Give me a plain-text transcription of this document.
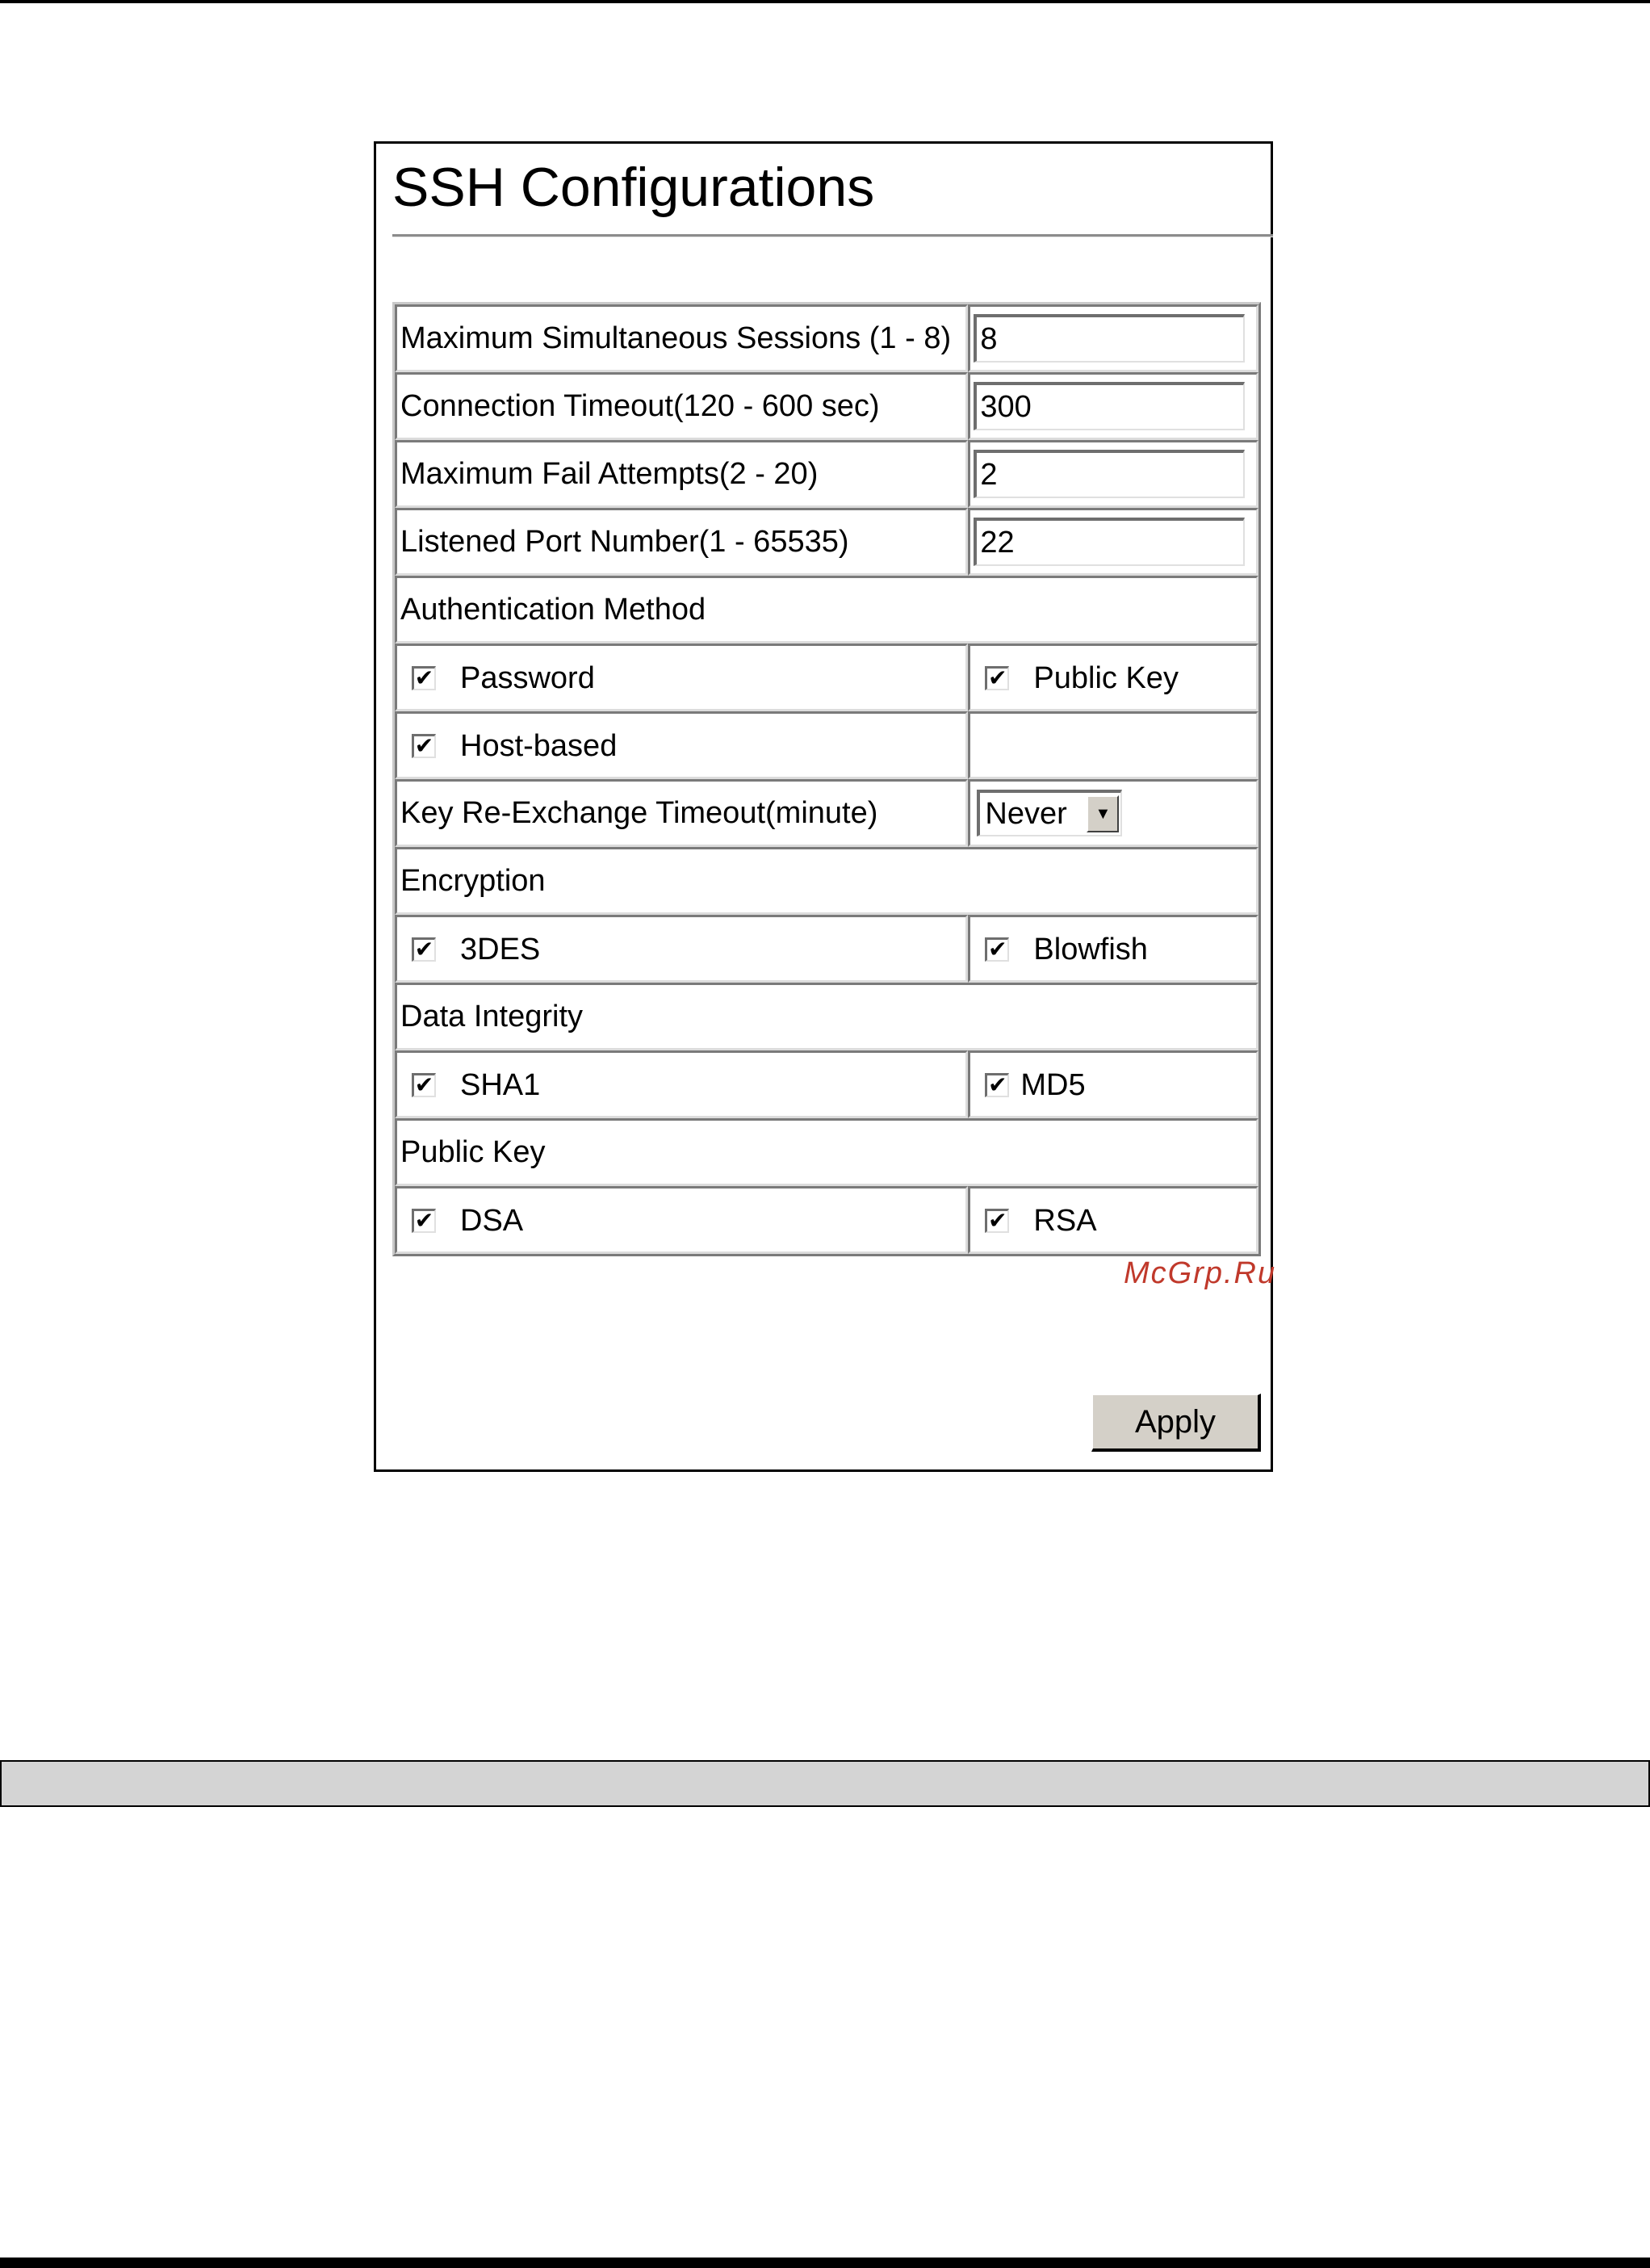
SSH Configurations
Maximum Simultaneous Sessions (1 - 8)	8
Connection Timeout(120 - 600 sec)	300
Maximum Fail Attempts(2 - 20)	2
Listened Port Number(1 - 65535)	22
Authentication Method	

✔ Password	✔ Public Key

✔ Host-based	

Key Re-Exchange Timeout(minute)	Never ▼

Encryption	

✔ 3DES	✔ Blowfish

Data Integrity	

✔ SHA1	✔ MD5

Public Key	

✔ DSA	✔ RSA
McGrp.Ru
Apply
